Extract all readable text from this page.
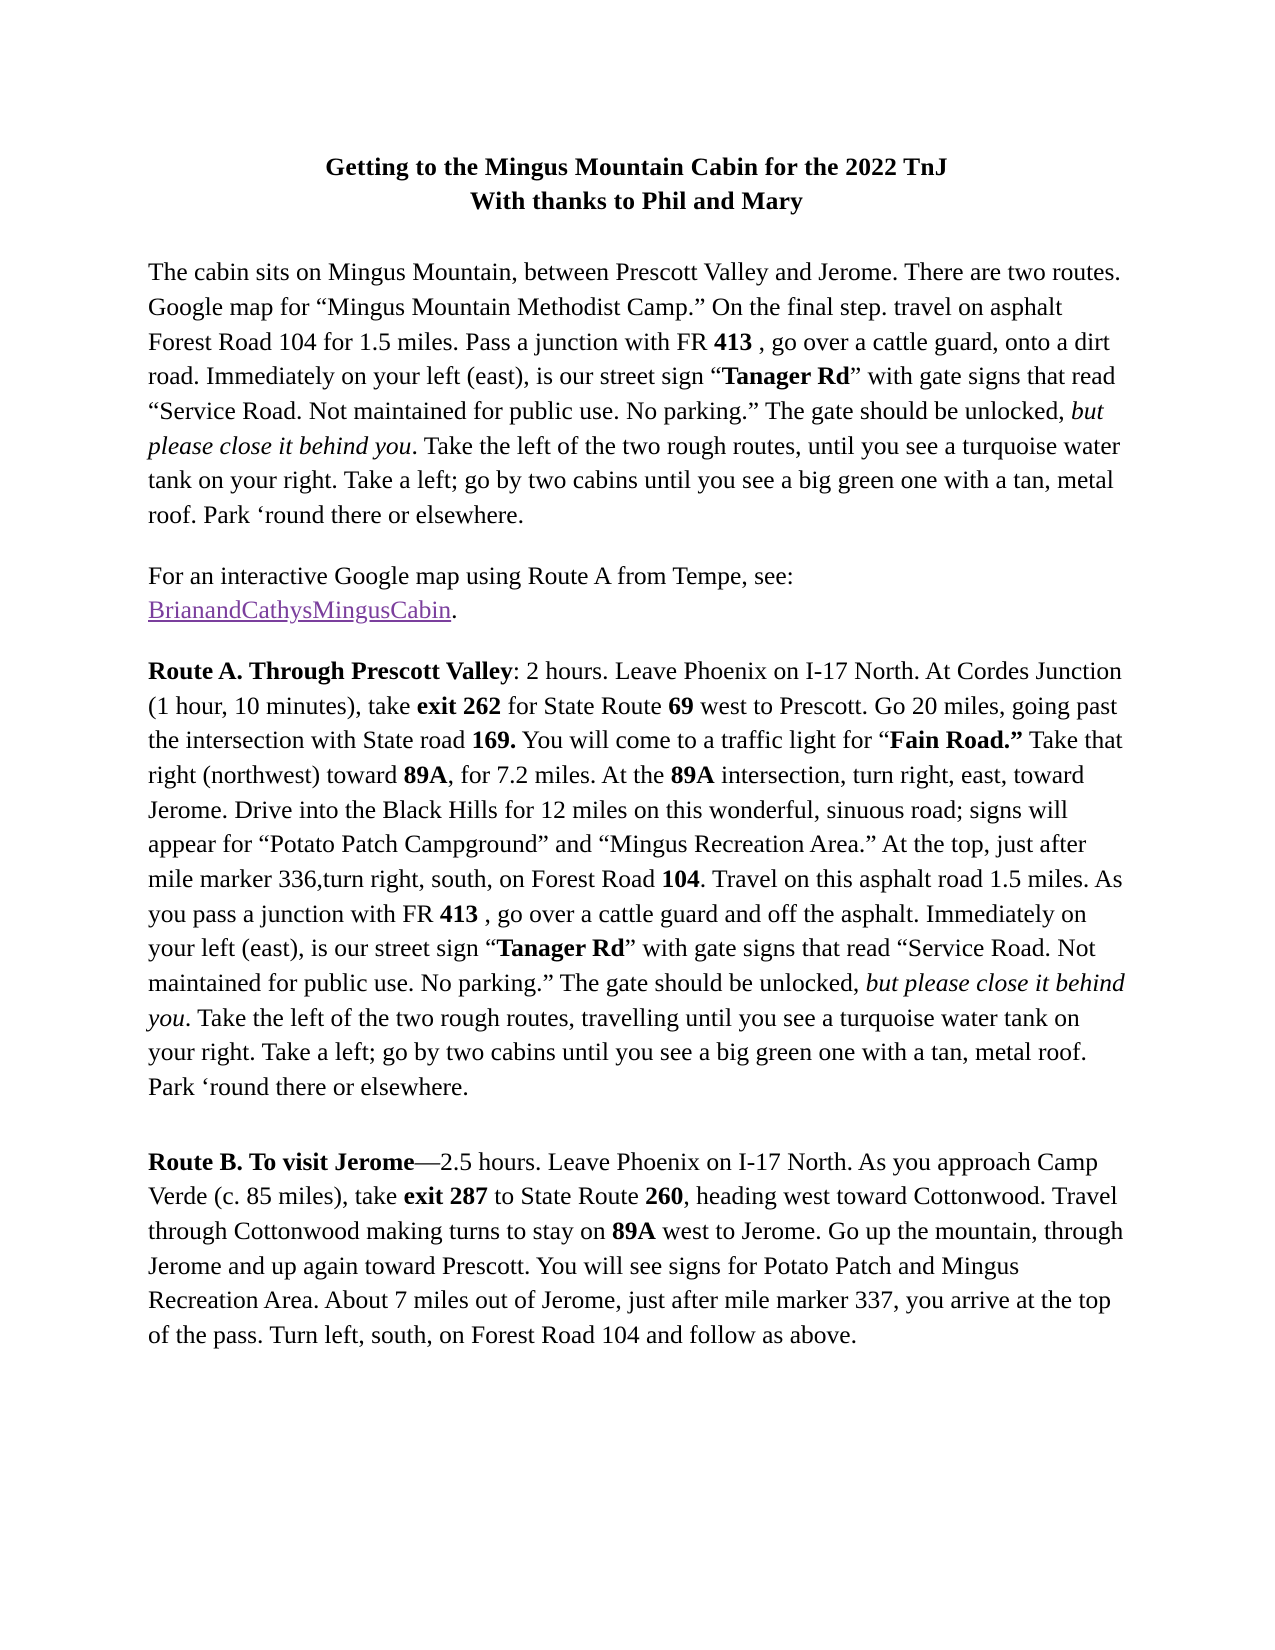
Getting to the Mingus Mountain Cabin for the 2022 TnJ
With thanks to Phil and Mary

The cabin sits on Mingus Mountain, between Prescott Valley and Jerome. There are two routes. Google map for “Mingus Mountain Methodist Camp.” On the final step. travel on asphalt Forest Road 104 for 1.5 miles. Pass a junction with FR 413 , go over a cattle guard, onto a dirt road. Immediately on your left (east), is our street sign “Tanager Rd” with gate signs that read “Service Road. Not maintained for public use. No parking.” The gate should be unlocked, but please close it behind you. Take the left of the two rough routes, until you see a turquoise water tank on your right. Take a left; go by two cabins until you see a big green one with a tan, metal roof. Park ‘round there or elsewhere.

For an interactive Google map using Route A from Tempe, see:
BrianandCathysMingusCabin.

Route A. Through Prescott Valley: 2 hours. Leave Phoenix on I-17 North. At Cordes Junction (1 hour, 10 minutes), take exit 262 for State Route 69 west to Prescott. Go 20 miles, going past the intersection with State road 169. You will come to a traffic light for “Fain Road.” Take that right (northwest) toward 89A, for 7.2 miles. At the 89A intersection, turn right, east, toward Jerome. Drive into the Black Hills for 12 miles on this wonderful, sinuous road; signs will appear for “Potato Patch Campground” and “Mingus Recreation Area.” At the top, just after mile marker 336,turn right, south, on Forest Road 104. Travel on this asphalt road 1.5 miles. As you pass a junction with FR 413 , go over a cattle guard and off the asphalt. Immediately on your left (east), is our street sign “Tanager Rd” with gate signs that read “Service Road. Not maintained for public use. No parking.” The gate should be unlocked, but please close it behind you. Take the left of the two rough routes, travelling until you see a turquoise water tank on your right. Take a left; go by two cabins until you see a big green one with a tan, metal roof. Park ‘round there or elsewhere.

Route B. To visit Jerome—2.5 hours. Leave Phoenix on I-17 North. As you approach Camp Verde (c. 85 miles), take exit 287 to State Route 260, heading west toward Cottonwood. Travel through Cottonwood making turns to stay on 89A west to Jerome. Go up the mountain, through Jerome and up again toward Prescott. You will see signs for Potato Patch and Mingus Recreation Area. About 7 miles out of Jerome, just after mile marker 337, you arrive at the top of the pass. Turn left, south, on Forest Road 104 and follow as above.
